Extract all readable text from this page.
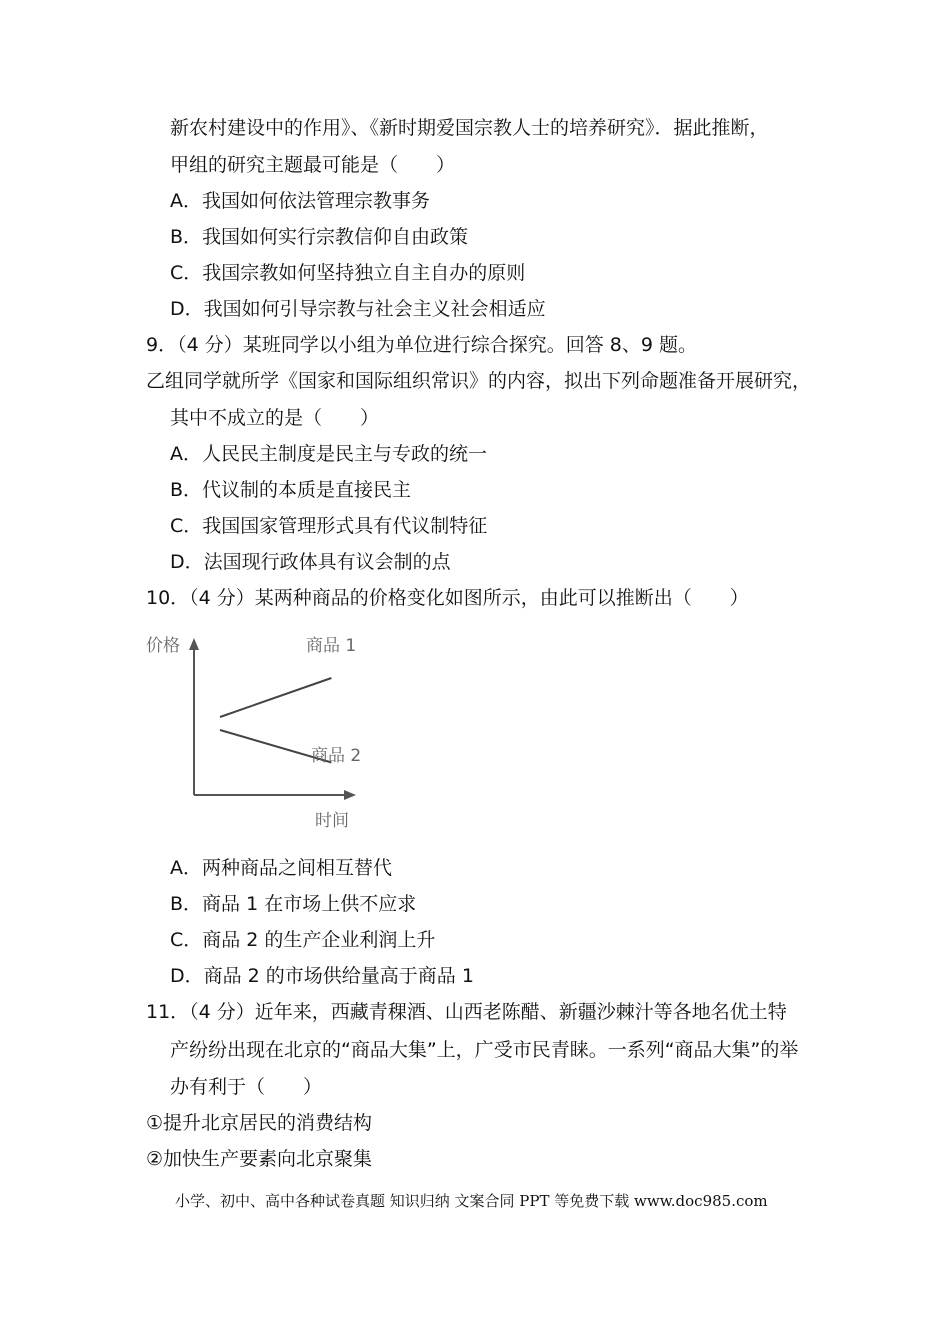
新农村建设中的作用》、《新时期爱国宗教人士的培养研究》．据此推断，
甲组的研究主题最可能是（　　）
A．我国如何依法管理宗教事务
B．我国如何实行宗教信仰自由政策
C．我国宗教如何坚持独立自主自办的原则
D．我国如何引导宗教与社会主义社会相适应
9．（4 分）某班同学以小组为单位进行综合探究。回答 8、9 题。
乙组同学就所学《国家和国际组织常识》的内容，拟出下列命题准备开展研究，
其中不成立的是（　　）
A．人民民主制度是民主与专政的统一
B．代议制的本质是直接民主
C．我国国家管理形式具有代议制特征
D．法国现行政体具有议会制的点
10．（4 分）某两种商品的价格变化如图所示，由此可以推断出（　　）
价格
时间
商品 1
商品 2
A．两种商品之间相互替代
B．商品 1 在市场上供不应求
C．商品 2 的生产企业利润上升
D．商品 2 的市场供给量高于商品 1
11．（4 分）近年来，西藏青稞酒、山西老陈醋、新疆沙棘汁等各地名优土特
产纷纷出现在北京的“商品大集”上，广受市民青睐。一系列“商品大集”的举
办有利于（　　）
①提升北京居民的消费结构
②加快生产要素向北京聚集
小学、初中、高中各种试卷真题 知识归纳 文案合同 PPT 等免费下载 www.doc985.com
